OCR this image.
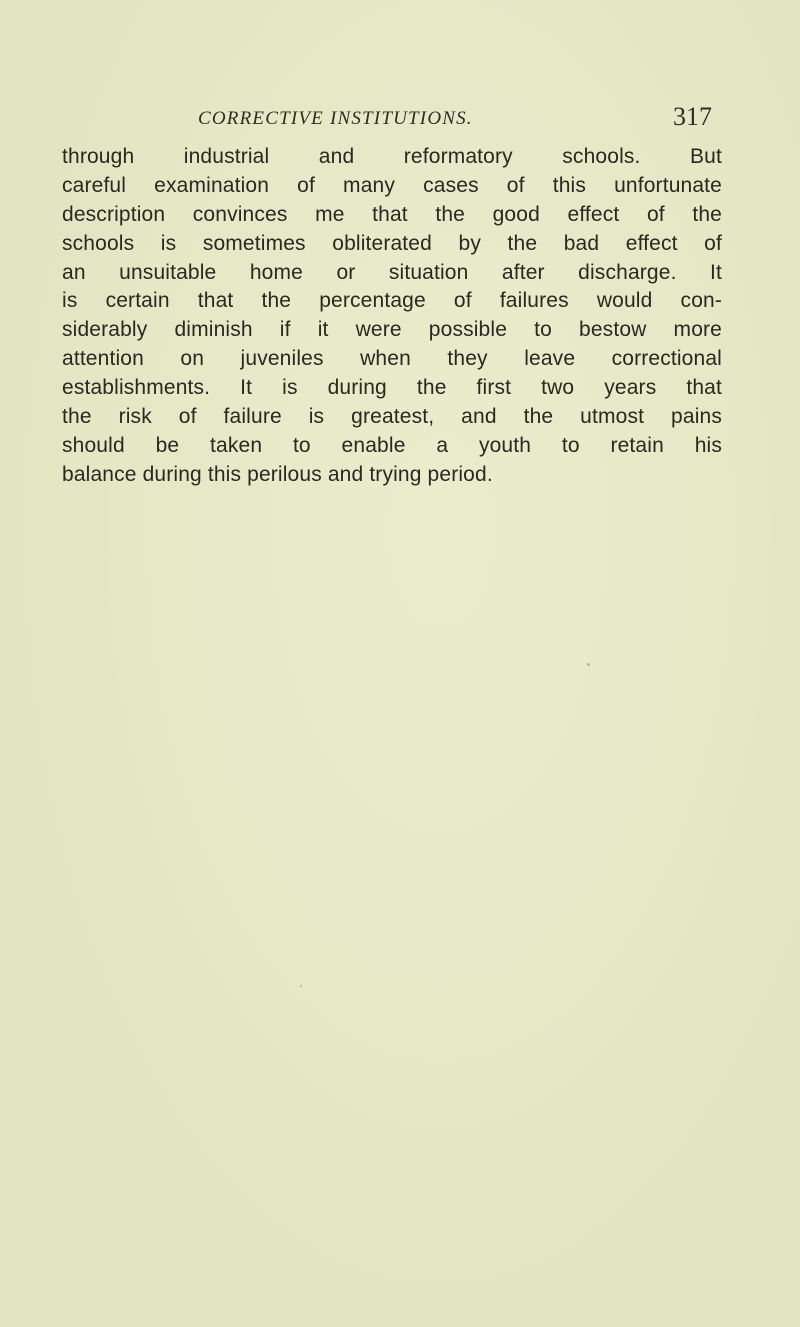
CORRECTIVE INSTITUTIONS.	317
through industrial and reformatory schools. But
careful examination of many cases of this unfortunate
description convinces me that the good effect of the
schools is sometimes obliterated by the bad effect of
an unsuitable home or situation after discharge. It
is certain that the percentage of failures would con-
siderably diminish if it were possible to bestow more
attention on juveniles when they leave correctional
establishments. It is during the first two years that
the risk of failure is greatest, and the utmost pains
should be taken to enable a youth to retain his
balance during this perilous and trying period.
